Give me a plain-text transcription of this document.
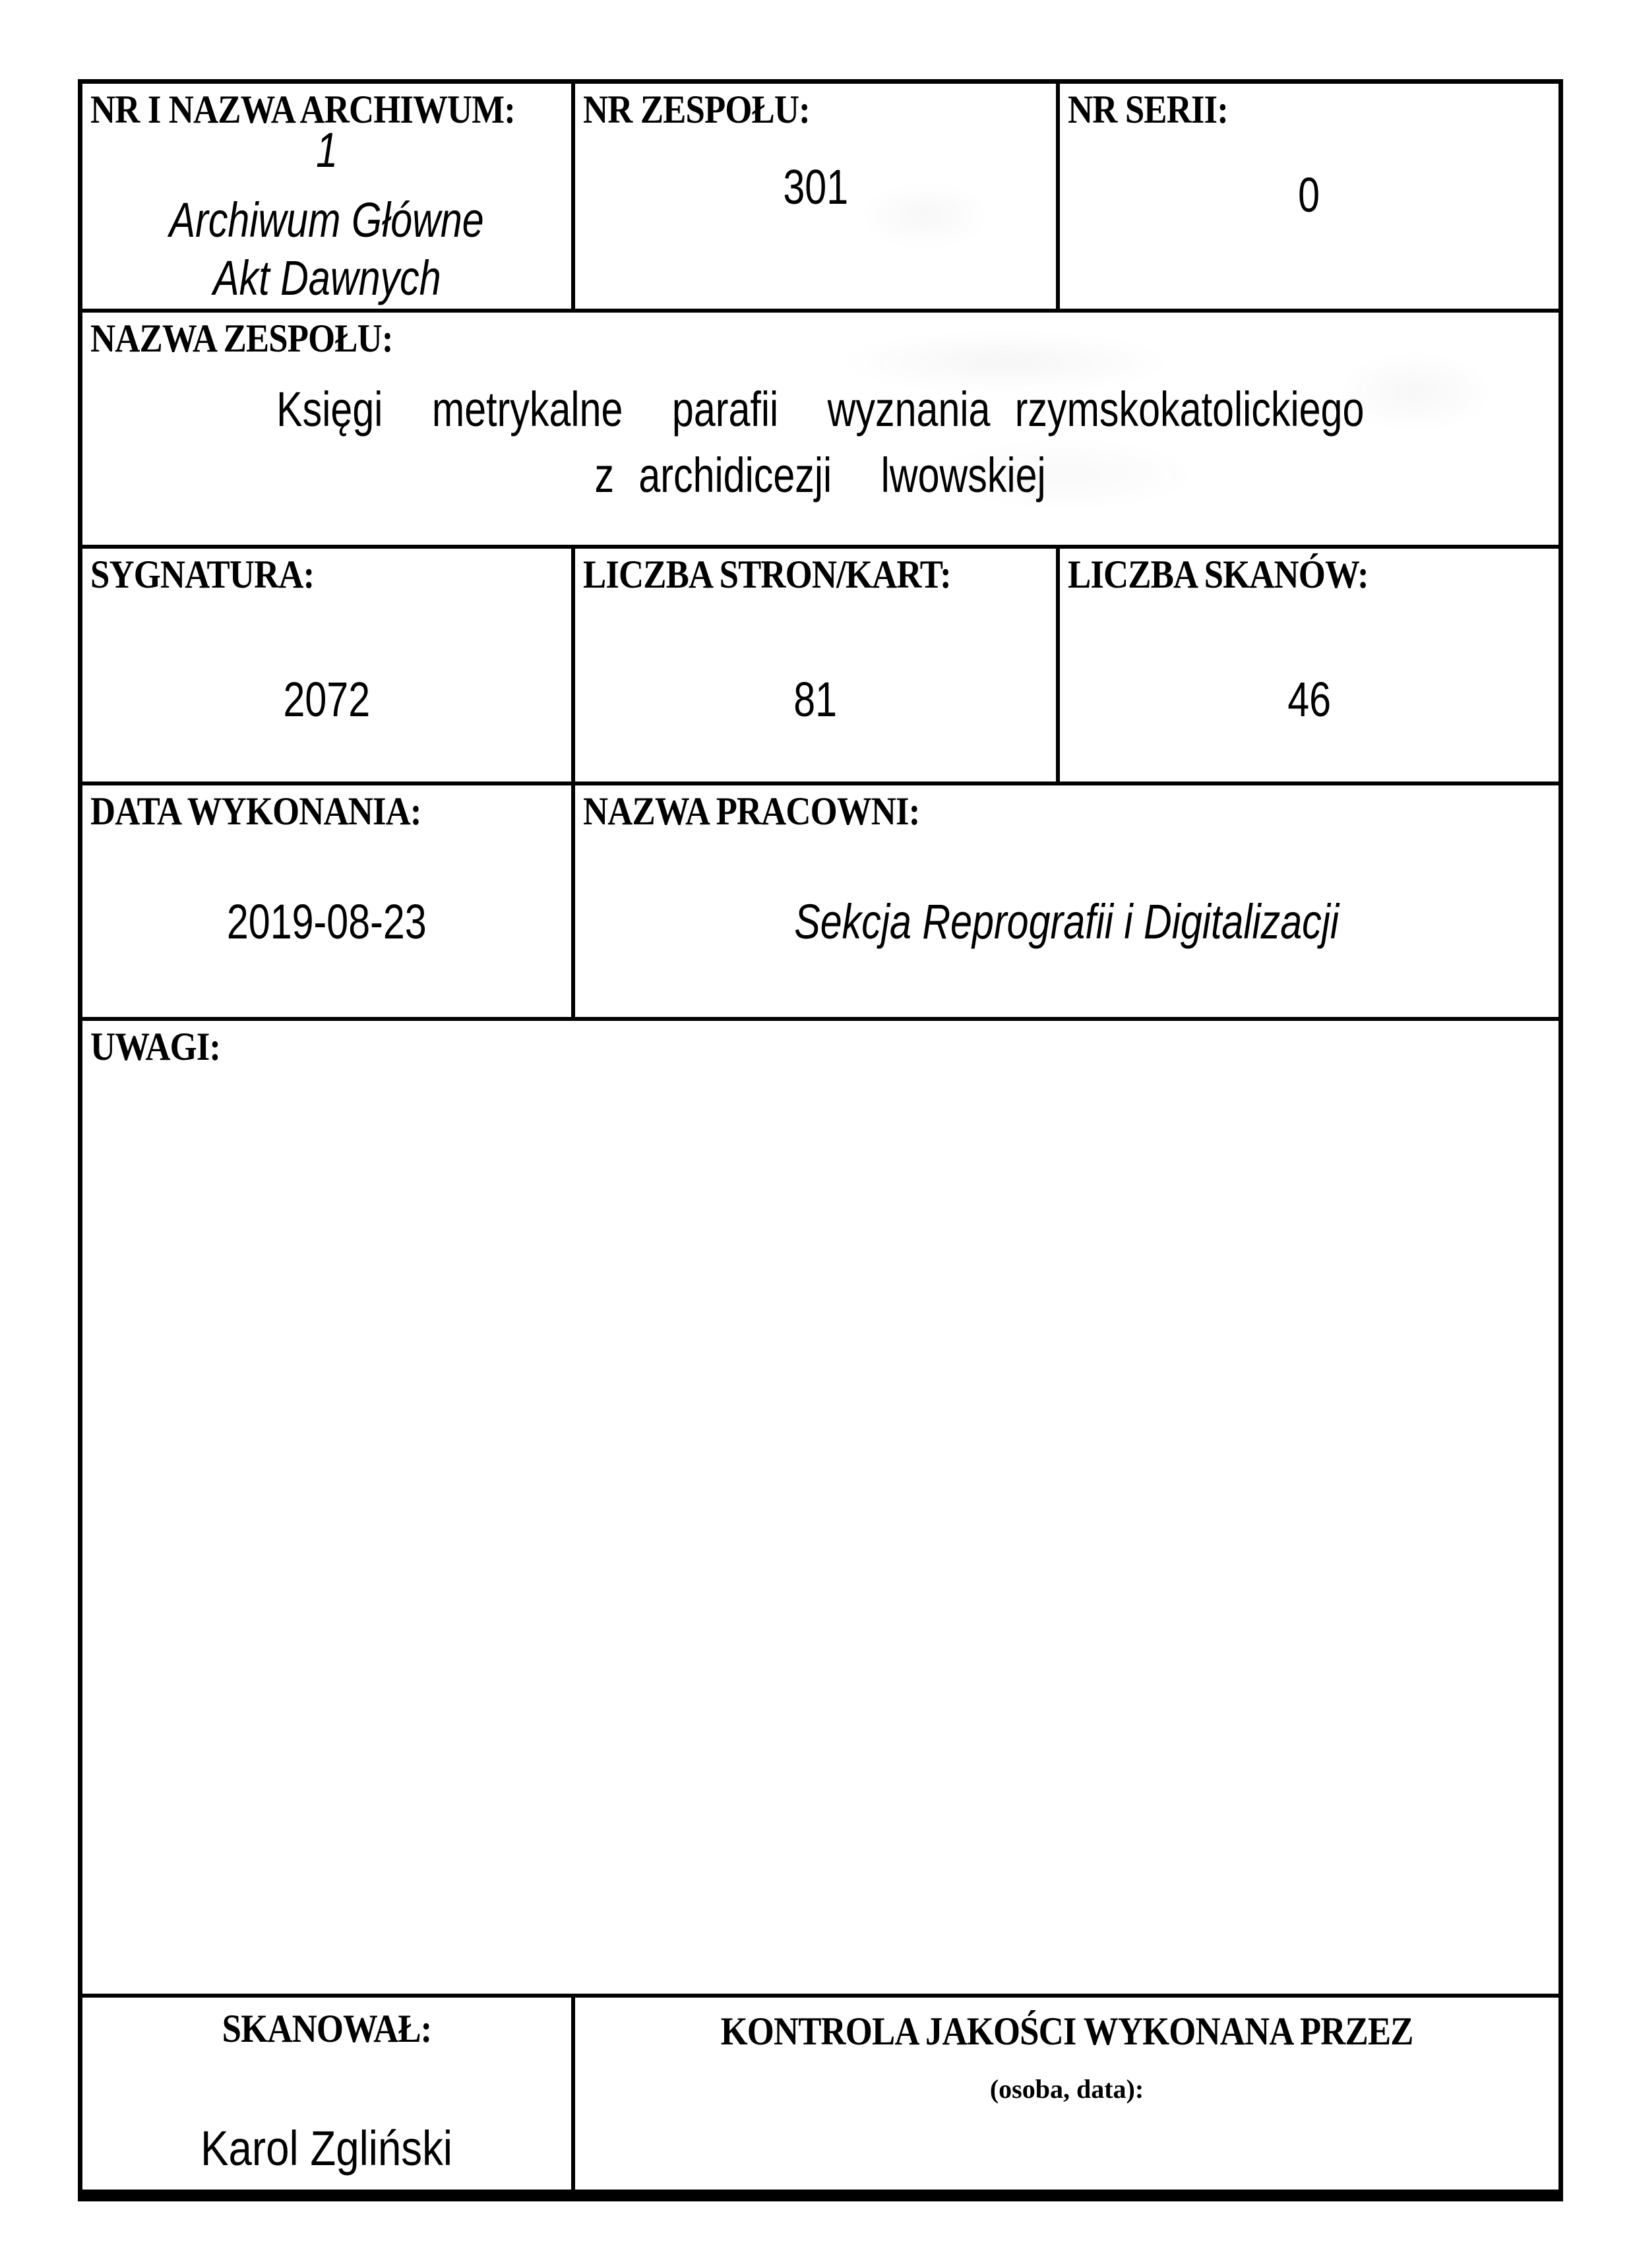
NR I NAZWA ARCHIWUM:
1
Archiwum Główne
Akt Dawnych
NR ZESPOŁU:
301
NR SERII:
0
NAZWA ZESPOŁU:
Księgi  metrykalne  parafii  wyznania rzymskokatolickiego
z archidicezji  lwowskiej
SYGNATURA:
2072
LICZBA STRON/KART:
81
LICZBA SKANÓW:
46
DATA WYKONANIA:
2019-08-23
NAZWA PRACOWNI:
Sekcja Reprografii i Digitalizacji
UWAGI:
SKANOWAŁ:
Karol Zgliński
KONTROLA JAKOŚCI WYKONANA PRZEZ
(osoba, data):
